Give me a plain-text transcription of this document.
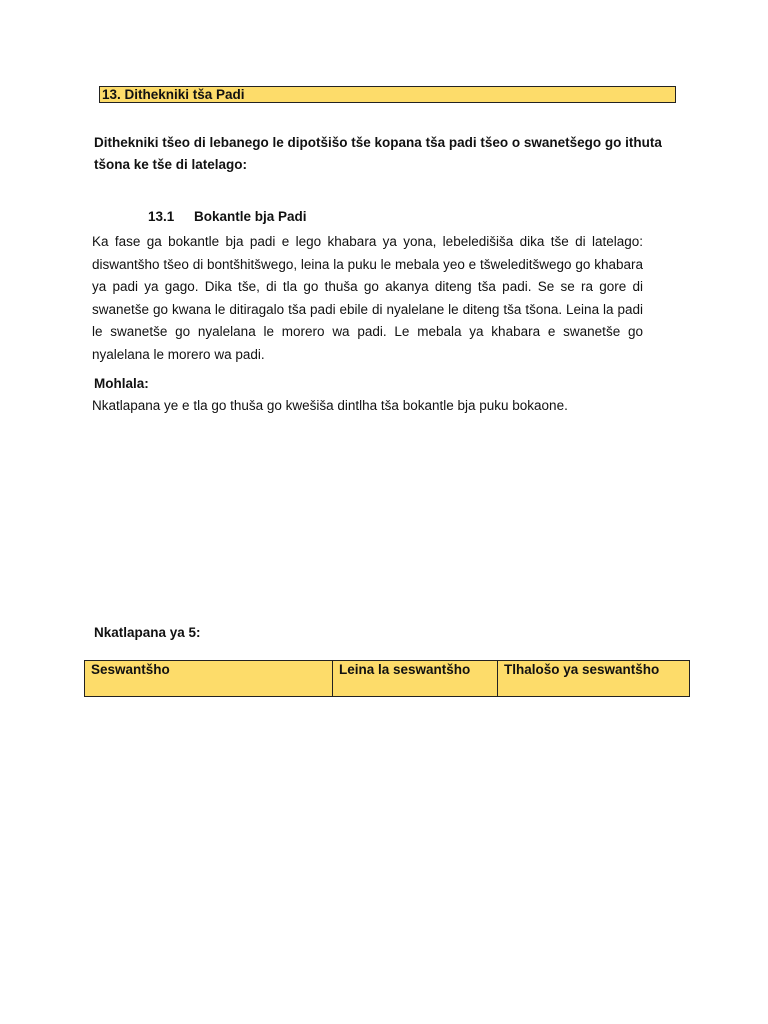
13. Dithekniki tša Padi
Dithekniki tšeo di lebanego le dipotšišo tše kopana tša padi tšeo o swanetšego go ithuta tšona ke tše di latelago:
13.1 Bokantle bja Padi
Ka fase ga bokantle bja padi e lego khabara ya yona, lebeledišiša dika tše di latelago: diswantšho tšeo di bontšhitšwego, leina la puku le mebala yeo e tšweleditšwego go khabara ya padi ya gago. Dika tše, di tla go thuša go akanya diteng tša padi. Se se ra gore di swanetše go kwana le ditiragalo tša padi ebile di nyalelane le diteng tša tšona. Leina la padi le swanetše go nyalelana le morero wa padi. Le mebala ya khabara e swanetše go nyalelana le morero wa padi.
Mohlala:
Nkatlapana ye e tla go thuša go kwešiša dintlha tša bokantle bja puku bokaone.
Nkatlapana ya 5:
Seswantšho	Leina la seswantšho	Tlhalošo ya seswantšho
